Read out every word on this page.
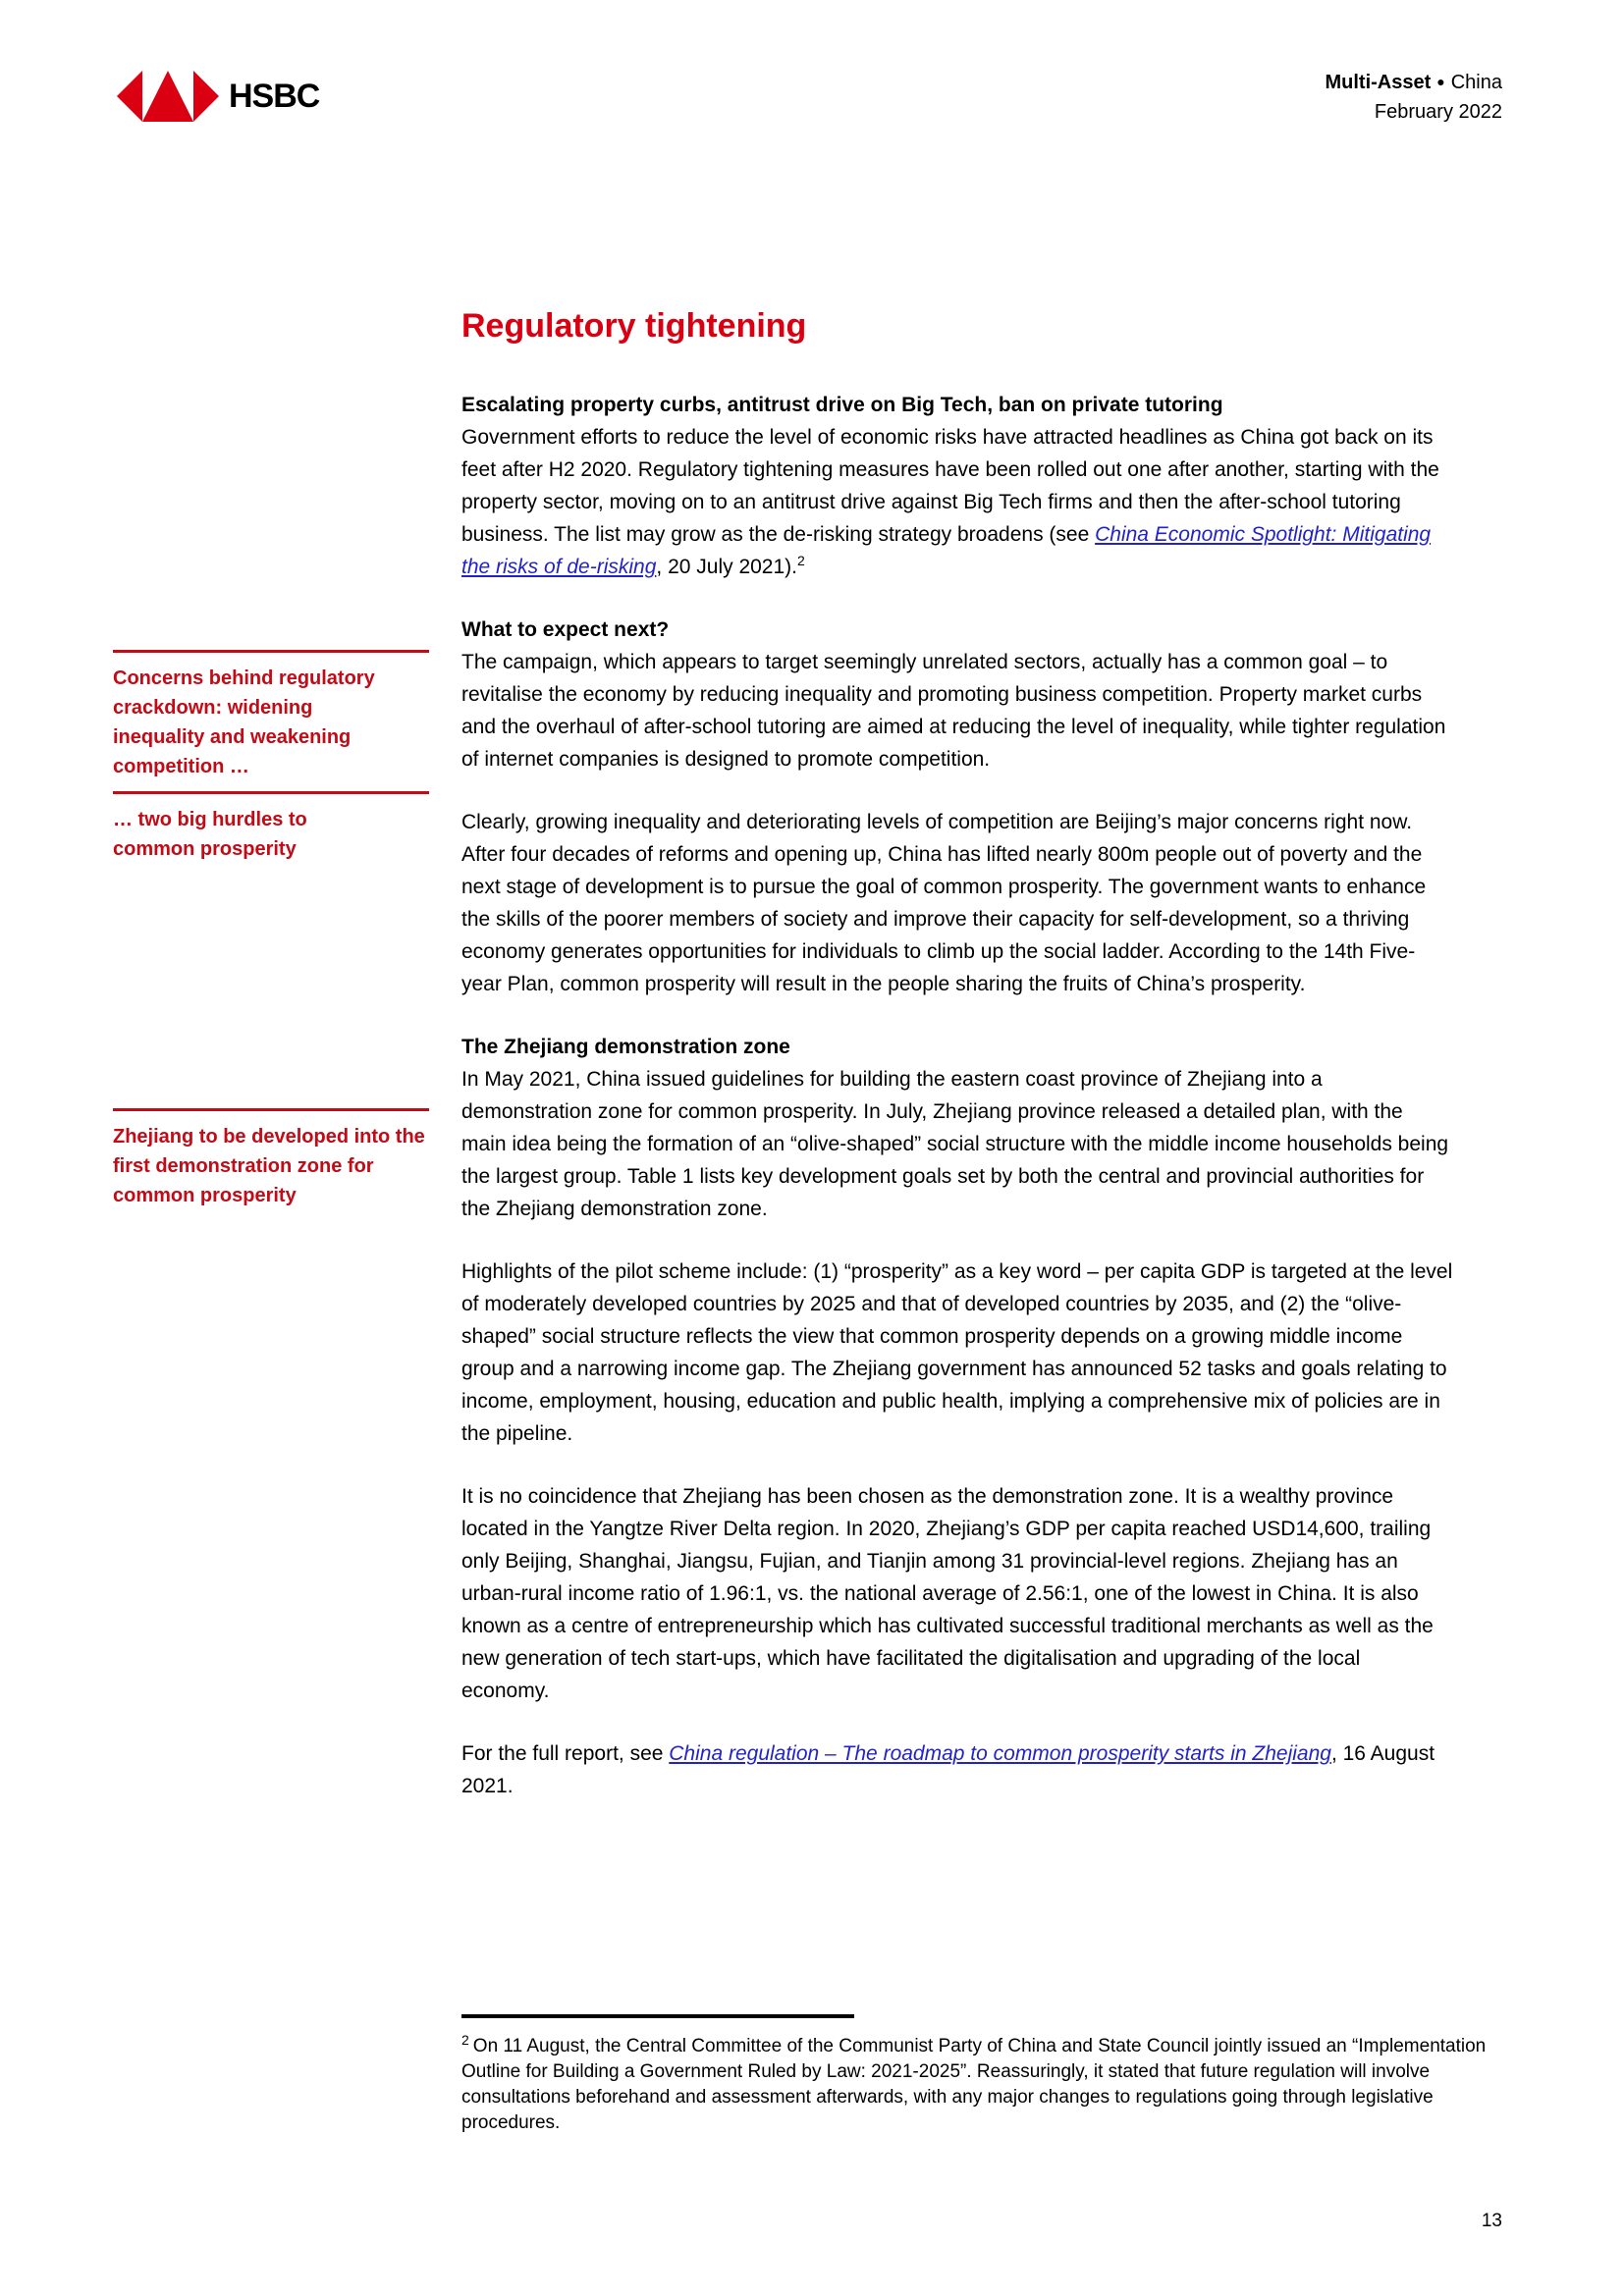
HSBC	Multi-Asset ● China
February 2022
Concerns behind regulatory crackdown: widening inequality and weakening competition …
… two big hurdles to common prosperity
Zhejiang to be developed into the first demonstration zone for common prosperity
Regulatory tightening
Escalating property curbs, antitrust drive on Big Tech, ban on private tutoring

Government efforts to reduce the level of economic risks have attracted headlines as China got back on its feet after H2 2020. Regulatory tightening measures have been rolled out one after another, starting with the property sector, moving on to an antitrust drive against Big Tech firms and then the after-school tutoring business. The list may grow as the de-risking strategy broadens (see China Economic Spotlight: Mitigating the risks of de-risking, 20 July 2021).$^2$

What to expect next?

The campaign, which appears to target seemingly unrelated sectors, actually has a common goal – to revitalise the economy by reducing inequality and promoting business competition. Property market curbs and the overhaul of after-school tutoring are aimed at reducing the level of inequality, while tighter regulation of internet companies is designed to promote competition.

Clearly, growing inequality and deteriorating levels of competition are Beijing’s major concerns right now. After four decades of reforms and opening up, China has lifted nearly 800m people out of poverty and the next stage of development is to pursue the goal of common prosperity. The government wants to enhance the skills of the poorer members of society and improve their capacity for self-development, so a thriving economy generates opportunities for individuals to climb up the social ladder. According to the 14th Five-year Plan, common prosperity will result in the people sharing the fruits of China’s prosperity.

The Zhejiang demonstration zone

In May 2021, China issued guidelines for building the eastern coast province of Zhejiang into a demonstration zone for common prosperity. In July, Zhejiang province released a detailed plan, with the main idea being the formation of an “olive-shaped” social structure with the middle income households being the largest group. Table 1 lists key development goals set by both the central and provincial authorities for the Zhejiang demonstration zone.

Highlights of the pilot scheme include: (1) “prosperity” as a key word – per capita GDP is targeted at the level of moderately developed countries by 2025 and that of developed countries by 2035, and (2) the “olive-shaped” social structure reflects the view that common prosperity depends on a growing middle income group and a narrowing income gap. The Zhejiang government has announced 52 tasks and goals relating to income, employment, housing, education and public health, implying a comprehensive mix of policies are in the pipeline.

It is no coincidence that Zhejiang has been chosen as the demonstration zone. It is a wealthy province located in the Yangtze River Delta region. In 2020, Zhejiang’s GDP per capita reached USD14,600, trailing only Beijing, Shanghai, Jiangsu, Fujian, and Tianjin among 31 provincial-level regions. Zhejiang has an urban-rural income ratio of 1.96:1, vs. the national average of 2.56:1, one of the lowest in China. It is also known as a centre of entrepreneurship which has cultivated successful traditional merchants as well as the new generation of tech start-ups, which have facilitated the digitalisation and upgrading of the local economy.

For the full report, see China regulation – The roadmap to common prosperity starts in Zhejiang, 16 August 2021.

$^2$ On 11 August, the Central Committee of the Communist Party of China and State Council jointly issued an “Implementation Outline for Building a Government Ruled by Law: 2021-2025”. Reassuringly, it stated that future regulation will involve consultations beforehand and assessment afterwards, with any major changes to regulations going through legislative procedures.

13
